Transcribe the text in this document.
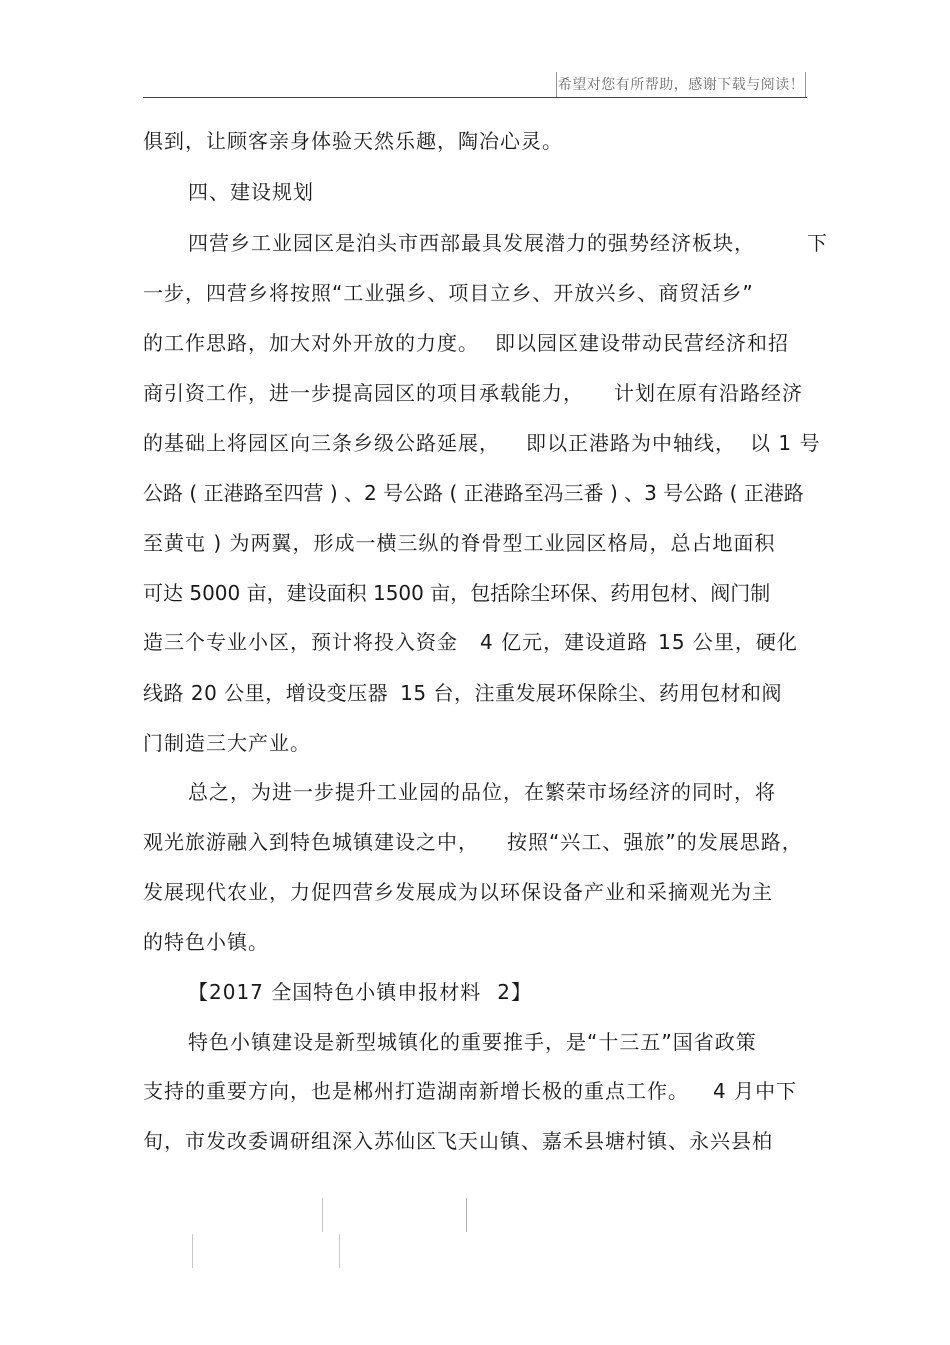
希望对您有所帮助，感谢下载与阅读！
俱到，让顾客亲身体验天然乐趣，陶冶心灵。
四、建设规划
四营乡工业园区是泊头市西部最具发展潜力的强势经济板块，	下
一步，四营乡将按照“工业强乡、项目立乡、开放兴乡、商贸活乡”
的工作思路，加大对外开放的力度。 即以园区建设带动民营经济和招
商引资工作，进一步提高园区的项目承载能力， 计划在原有沿路经济
的基础上将园区向三条乡级公路延展， 即以正港路为中轴线， 以 1 号
公路 ( 正港路至四营 ) 、2 号公路 ( 正港路至冯三番 ) 、3 号公路 ( 正港路
至黄屯 ) 为两翼，形成一横三纵的脊骨型工业园区格局，总占地面积
可达 5000 亩，建设面积 1500 亩，包括除尘环保、药用包材、阀门制
造三个专业小区，预计将投入资金 4 亿元，建设道路 15 公里，硬化
线路 20 公里，增设变压器 15 台，注重发展环保除尘、药用包材和阀
门制造三大产业。
总之，为进一步提升工业园的品位，在繁荣市场经济的同时，将
观光旅游融入到特色城镇建设之中， 按照“兴工、强旅”的发展思路，
发展现代农业，力促四营乡发展成为以环保设备产业和采摘观光为主
的特色小镇。
【2017 全国特色小镇申报材料 2】
特色小镇建设是新型城镇化的重要推手，是“十三五”国省政策
支持的重要方向，也是郴州打造湖南新增长极的重点工作。 4 月中下
旬，市发改委调研组深入苏仙区飞天山镇、嘉禾县塘村镇、永兴县柏
